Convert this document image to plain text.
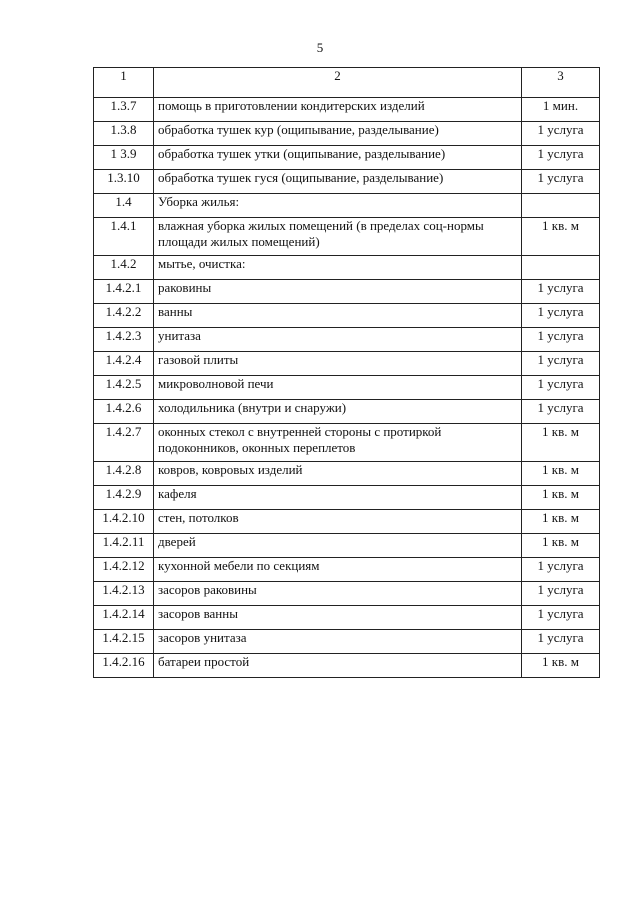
5
1	2	3
1.3.7	помощь в приготовлении кондитерских изделий	1 мин.
1.3.8	обработка тушек кур (ощипывание, разделывание)	1 услуга
1 3.9	обработка тушек утки (ощипывание, разделывание)	1 услуга
1.3.10	обработка тушек гуся (ощипывание, разделывание)	1 услуга
1.4	Уборка жилья:	
1.4.1	влажная уборка жилых помещений (в пределах соц-нормы площади жилых помещений)	1 кв. м
1.4.2	мытье, очистка:	
1.4.2.1	раковины	1 услуга
1.4.2.2	ванны	1 услуга
1.4.2.3	унитаза	1 услуга
1.4.2.4	газовой плиты	1 услуга
1.4.2.5	микроволновой печи	1 услуга
1.4.2.6	холодильника (внутри и снаружи)	1 услуга
1.4.2.7	оконных стекол с внутренней стороны с протиркой подоконников, оконных переплетов	1 кв. м
1.4.2.8	ковров, ковровых изделий	1 кв. м
1.4.2.9	кафеля	1 кв. м
1.4.2.10	стен, потолков	1 кв. м
1.4.2.11	дверей	1 кв. м
1.4.2.12	кухонной мебели по секциям	1 услуга
1.4.2.13	засоров раковины	1 услуга
1.4.2.14	засоров ванны	1 услуга
1.4.2.15	засоров унитаза	1 услуга
1.4.2.16	батареи простой	1 кв. м
